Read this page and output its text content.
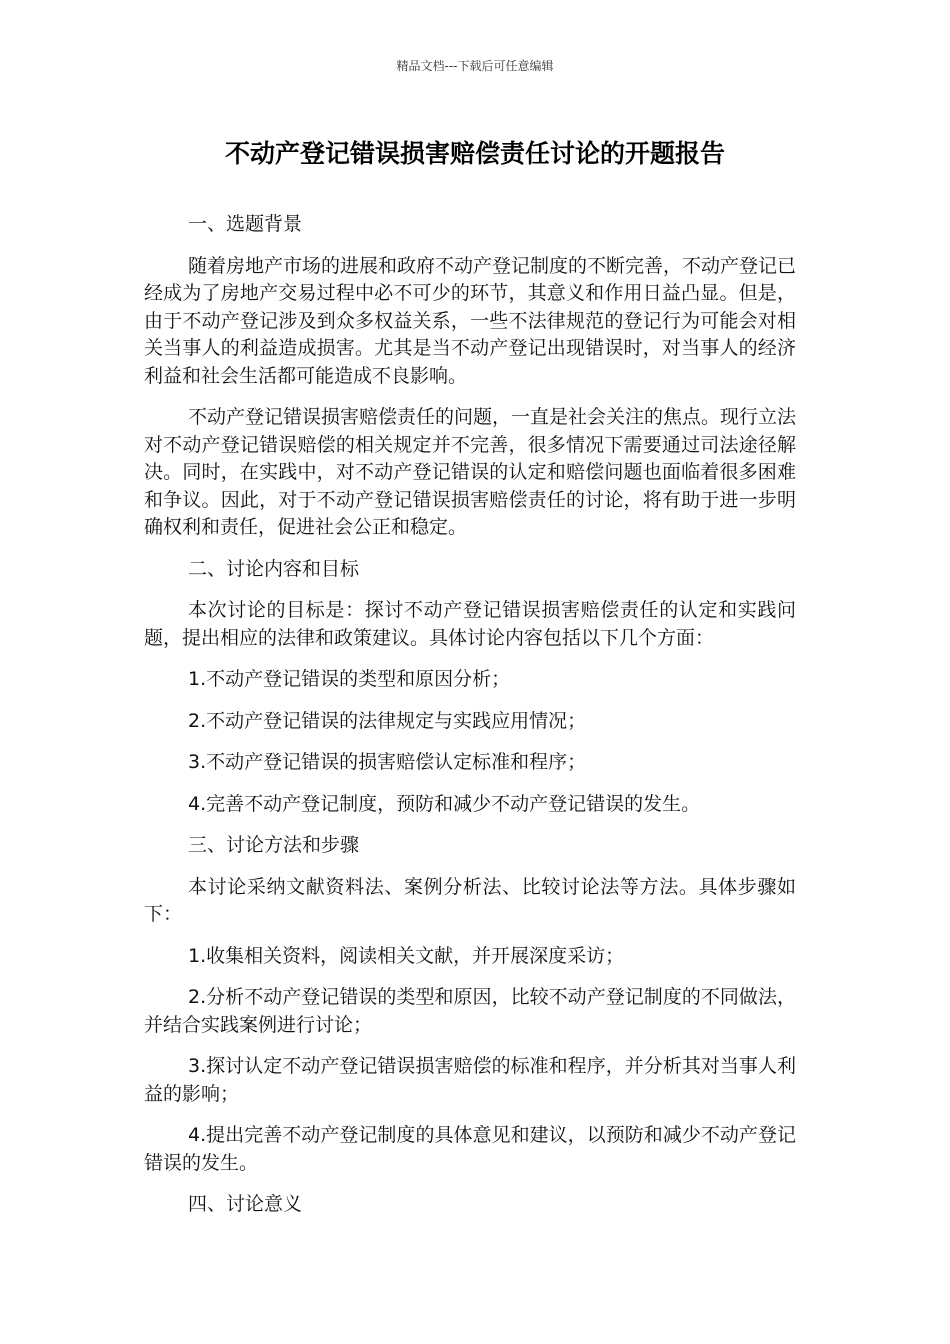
精品文档---下载后可任意编辑
不动产登记错误损害赔偿责任讨论的开题报告

一、选题背景

随着房地产市场的进展和政府不动产登记制度的不断完善，不动产登记已经成为了房地产交易过程中必不可少的环节，其意义和作用日益凸显。但是，由于不动产登记涉及到众多权益关系，一些不法律规范的登记行为可能会对相关当事人的利益造成损害。尤其是当不动产登记出现错误时，对当事人的经济利益和社会生活都可能造成不良影响。

不动产登记错误损害赔偿责任的问题，一直是社会关注的焦点。现行立法对不动产登记错误赔偿的相关规定并不完善，很多情况下需要通过司法途径解决。同时，在实践中，对不动产登记错误的认定和赔偿问题也面临着很多困难和争议。因此，对于不动产登记错误损害赔偿责任的讨论，将有助于进一步明确权利和责任，促进社会公正和稳定。

二、讨论内容和目标

本次讨论的目标是：探讨不动产登记错误损害赔偿责任的认定和实践问题，提出相应的法律和政策建议。具体讨论内容包括以下几个方面：

1.不动产登记错误的类型和原因分析；

2.不动产登记错误的法律规定与实践应用情况；

3.不动产登记错误的损害赔偿认定标准和程序；

4.完善不动产登记制度，预防和减少不动产登记错误的发生。

三、讨论方法和步骤

本讨论采纳文献资料法、案例分析法、比较讨论法等方法。具体步骤如下：

1.收集相关资料，阅读相关文献，并开展深度采访；

2.分析不动产登记错误的类型和原因，比较不动产登记制度的不同做法，并结合实践案例进行讨论；

3.探讨认定不动产登记错误损害赔偿的标准和程序，并分析其对当事人利益的影响；

4.提出完善不动产登记制度的具体意见和建议，以预防和减少不动产登记错误的发生。

四、讨论意义
